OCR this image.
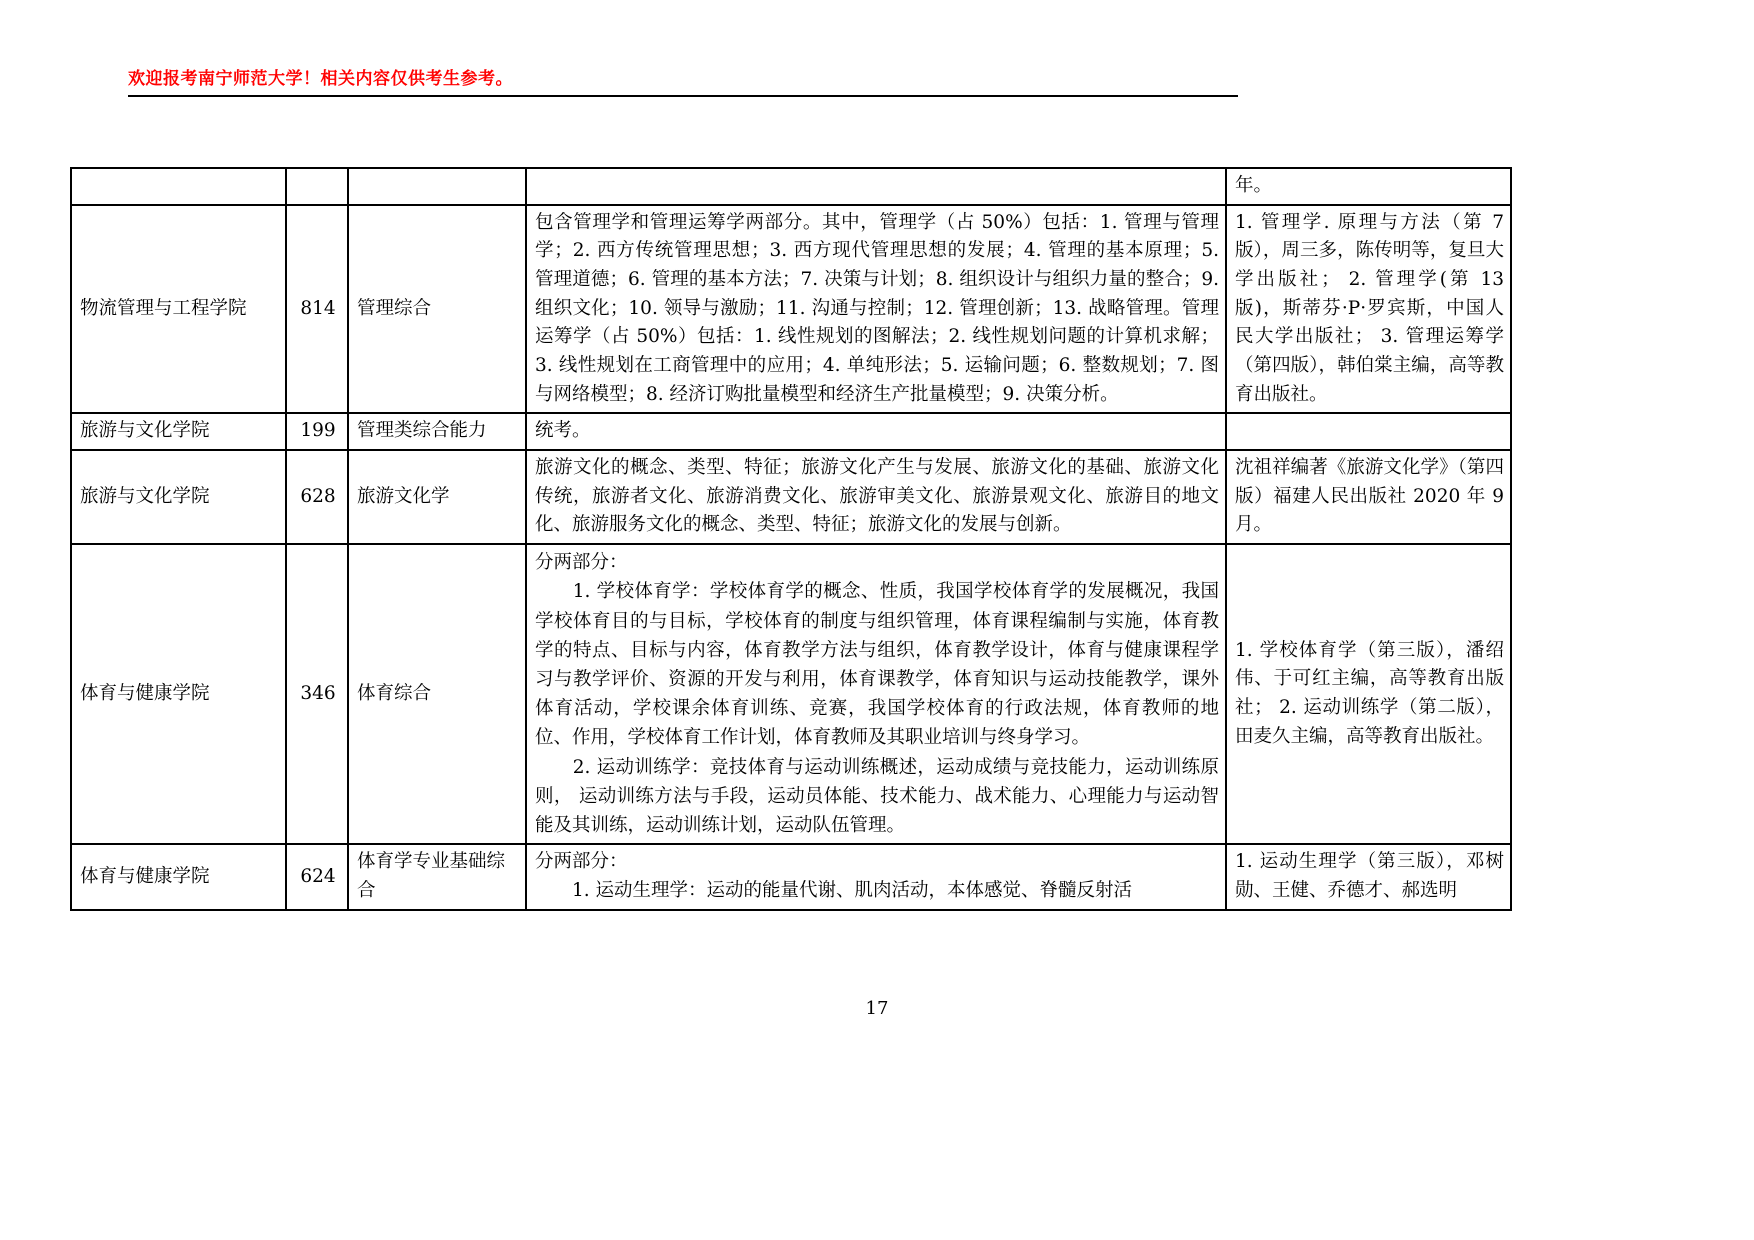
欢迎报考南宁师范大学！相关内容仅供考生参考。
				年。
物流管理与工程学院	814	管理综合	包含管理学和管理运筹学两部分。其中，管理学（占 50%）包括：1. 管理与管理学；2. 西方传统管理思想；3. 西方现代管理思想的发展；4. 管理的基本原理；5. 管理道德；6. 管理的基本方法；7. 决策与计划；8. 组织设计与组织力量的整合；9. 组织文化；10. 领导与激励；11. 沟通与控制；12. 管理创新；13. 战略管理。管理运筹学（占 50%）包括：1. 线性规划的图解法；2. 线性规划问题的计算机求解；3. 线性规划在工商管理中的应用；4. 单纯形法；5. 运输问题；6. 整数规划；7. 图与网络模型；8. 经济订购批量模型和经济生产批量模型；9. 决策分析。	1. 管理学. 原理与方法（第 7 版），周三多，陈传明等，复旦大学出版社； 2. 管理学(第 13 版)，斯蒂芬·P·罗宾斯，中国人民大学出版社； 3. 管理运筹学（第四版），韩伯棠主编，高等教育出版社。
旅游与文化学院	199	管理类综合能力	统考。	
旅游与文化学院	628	旅游文化学	旅游文化的概念、类型、特征；旅游文化产生与发展、旅游文化的基础、旅游文化传统，旅游者文化、旅游消费文化、旅游审美文化、旅游景观文化、旅游目的地文化、旅游服务文化的概念、类型、特征；旅游文化的发展与创新。	沈祖祥编著《旅游文化学》（第四版）福建人民出版社 2020 年 9 月。
体育与健康学院	346	体育综合	分两部分：
　　1. 学校体育学：学校体育学的概念、性质，我国学校体育学的发展概况，我国学校体育目的与目标，学校体育的制度与组织管理，体育课程编制与实施，体育教学的特点、目标与内容，体育教学方法与组织，体育教学设计，体育与健康课程学习与教学评价、资源的开发与利用，体育课教学，体育知识与运动技能教学，课外体育活动，学校课余体育训练、竞赛，我国学校体育的行政法规，体育教师的地位、作用，学校体育工作计划，体育教师及其职业培训与终身学习。
　　2. 运动训练学：竞技体育与运动训练概述，运动成绩与竞技能力，运动训练原则， 运动训练方法与手段，运动员体能、技术能力、战术能力、心理能力与运动智能及其训练，运动训练计划，运动队伍管理。	1. 学校体育学（第三版），潘绍伟、于可红主编，高等教育出版社； 2. 运动训练学（第二版），田麦久主编，高等教育出版社。
体育与健康学院	624	体育学专业基础综合	分两部分：
　　1. 运动生理学：运动的能量代谢、肌肉活动，本体感觉、脊髓反射活	1. 运动生理学（第三版），邓树勋、王健、乔德才、郝选明
17
